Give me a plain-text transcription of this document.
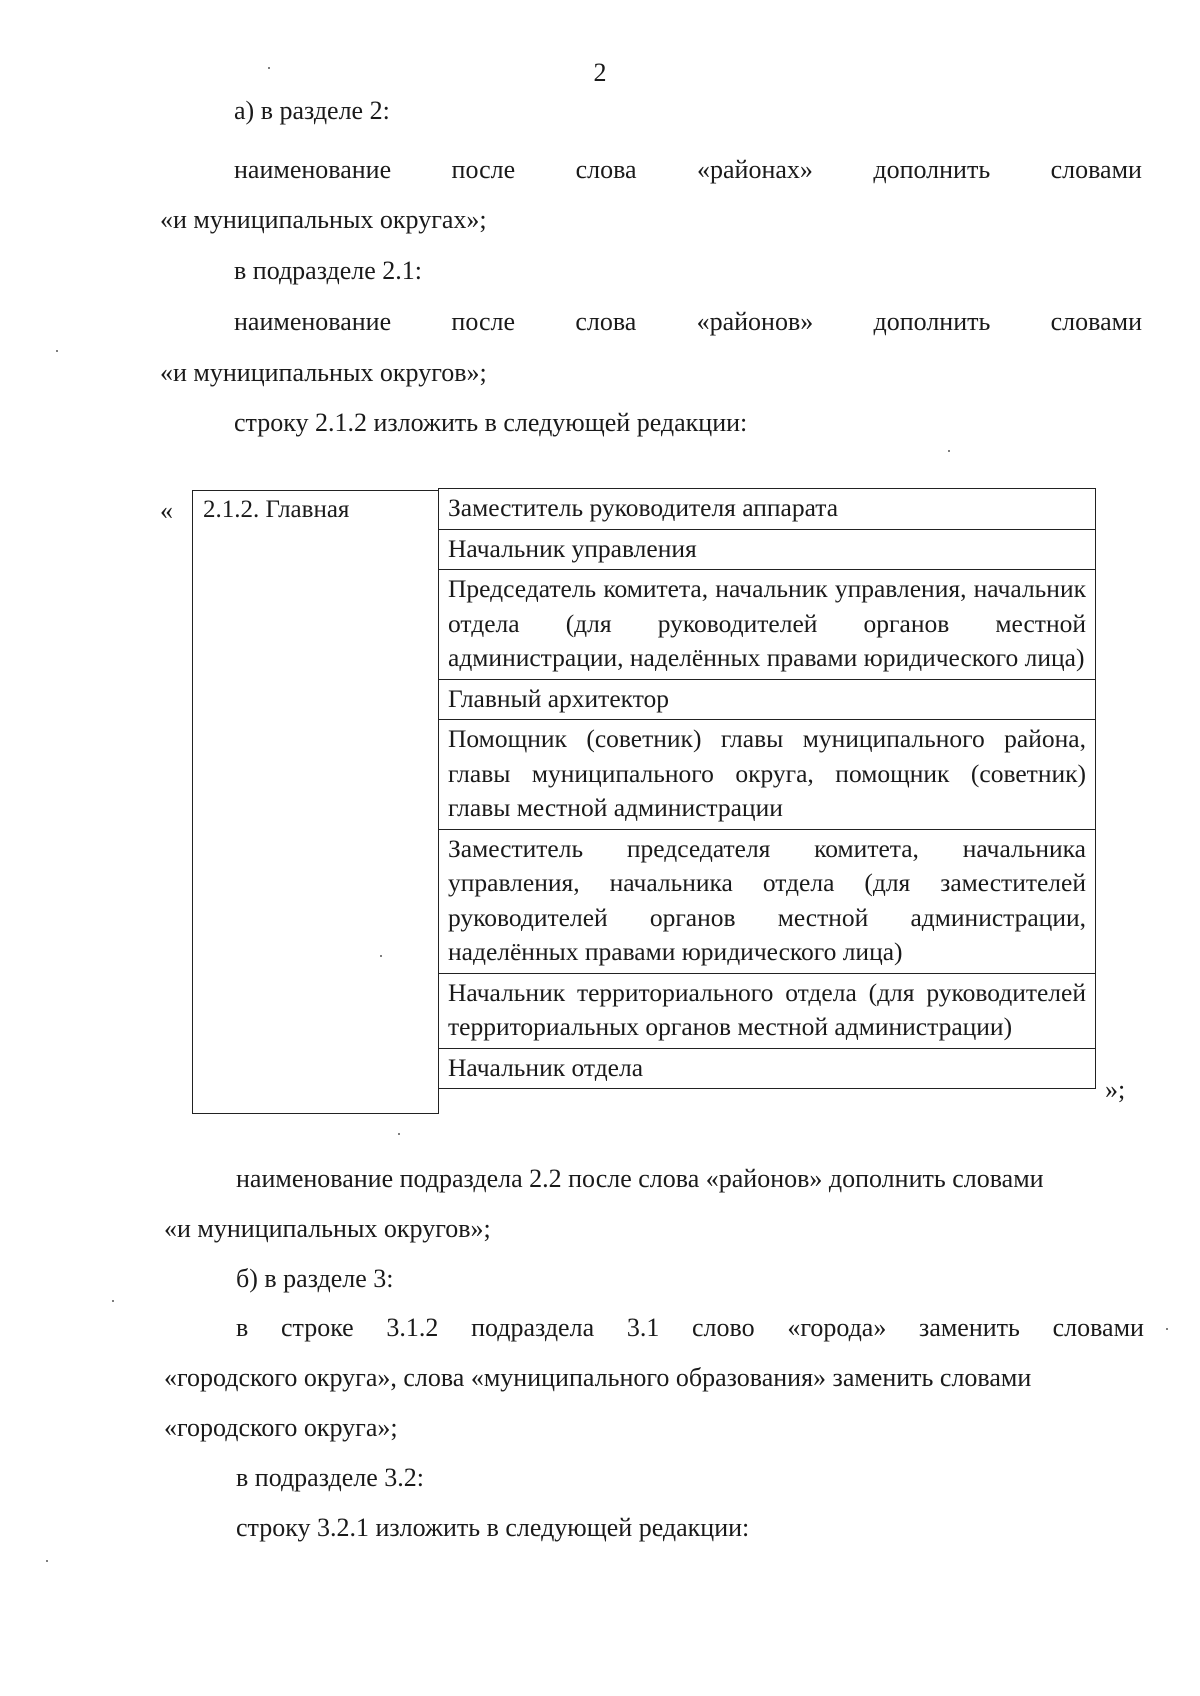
2
а) в разделе 2:
наименование после слова «районах» дополнить словами
«и муниципальных округах»;
в подразделе 2.1:
наименование после слова «районов» дополнить словами
«и муниципальных округов»;
строку 2.1.2 изложить в следующей редакции:
« 2.1.2. Главная	Заместитель руководителя аппарата
Начальник управления
Председатель комитета, начальник управления, начальник отдела (для руководителей органов местной администрации, наделённых правами юридического лица)
Главный архитектор
Помощник (советник) главы муниципального района, главы муниципального округа, помощник (советник) главы местной администрации
Заместитель председателя комитета, начальника управления, начальника отдела (для заместителей руководителей органов местной администрации, наделённых правами юридического лица)
Начальник территориального отдела (для руководителей территориальных органов местной администрации)
Начальник отдела
»;
наименование подраздела 2.2 после слова «районов» дополнить словами
«и муниципальных округов»;
б) в разделе 3:
в строке 3.1.2 подраздела 3.1 слово «города» заменить словами
«городского округа», слова «муниципального образования» заменить словами
«городского округа»;
в подразделе 3.2:
строку 3.2.1 изложить в следующей редакции:
